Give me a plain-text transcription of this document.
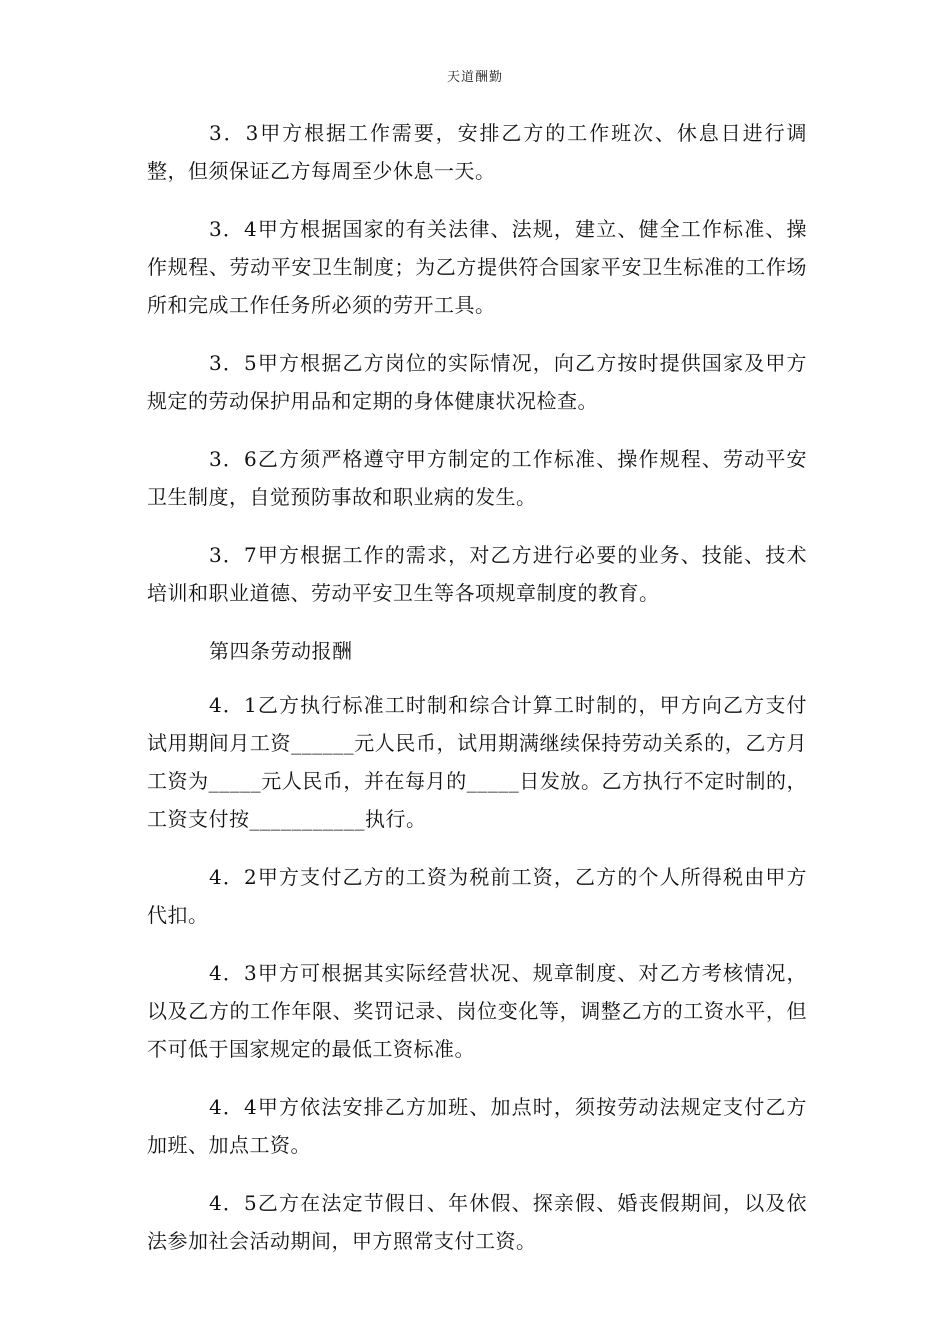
天道酬勤

3．3甲方根据工作需要，安排乙方的工作班次、休息日进行调整，但须保证乙方每周至少休息一天。

3．4甲方根据国家的有关法律、法规，建立、健全工作标准、操作规程、劳动平安卫生制度；为乙方提供符合国家平安卫生标准的工作场所和完成工作任务所必须的劳开工具。

3．5甲方根据乙方岗位的实际情况，向乙方按时提供国家及甲方规定的劳动保护用品和定期的身体健康状况检查。

3．6乙方须严格遵守甲方制定的工作标准、操作规程、劳动平安卫生制度，自觉预防事故和职业病的发生。

3．7甲方根据工作的需求，对乙方进行必要的业务、技能、技术培训和职业道德、劳动平安卫生等各项规章制度的教育。

第四条劳动报酬

4．1乙方执行标准工时制和综合计算工时制的，甲方向乙方支付试用期间月工资______元人民币，试用期满继续保持劳动关系的，乙方月工资为_____元人民币，并在每月的_____日发放。乙方执行不定时制的，工资支付按___________执行。

4．2甲方支付乙方的工资为税前工资，乙方的个人所得税由甲方代扣。

4．3甲方可根据其实际经营状况、规章制度、对乙方考核情况，以及乙方的工作年限、奖罚记录、岗位变化等，调整乙方的工资水平，但不可低于国家规定的最低工资标准。

4．4甲方依法安排乙方加班、加点时，须按劳动法规定支付乙方加班、加点工资。

4．5乙方在法定节假日、年休假、探亲假、婚丧假期间，以及依法参加社会活动期间，甲方照常支付工资。
